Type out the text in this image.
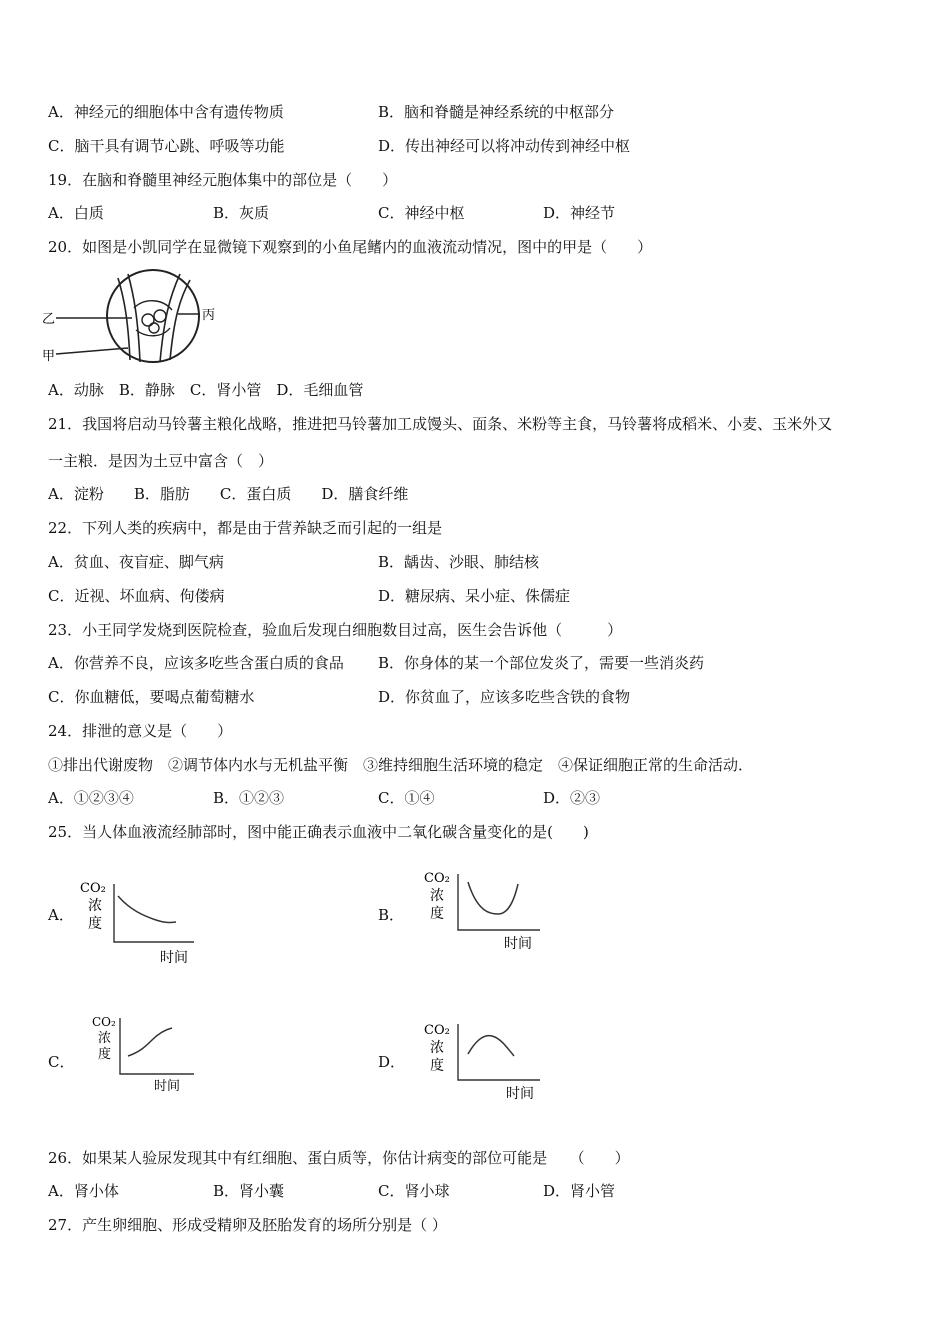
A．神经元的细胞体中含有遗传物质	B．脑和脊髓是神经系统的中枢部分
C．脑干具有调节心跳、呼吸等功能	D．传出神经可以将冲动传到神经中枢
19．在脑和脊髓里神经元胞体集中的部位是（　　）
A．白质	B．灰质	C．神经中枢	D．神经节
20．如图是小凯同学在显微镜下观察到的小鱼尾鳍内的血液流动情况，图中的甲是（　　）
乙
甲
丙
A．动脉　B．静脉　C．肾小管　D．毛细血管
21．我国将启动马铃薯主粮化战略，推进把马铃薯加工成馒头、面条、米粉等主食，马铃薯将成稻米、小麦、玉米外又
一主粮．是因为土豆中富含（　）
A．淀粉　　B．脂肪　　C．蛋白质　　D．膳食纤维
22．下列人类的疾病中，都是由于营养缺乏而引起的一组是
A．贫血、夜盲症、脚气病	B．龋齿、沙眼、肺结核
C．近视、坏血病、佝偻病	D．糖尿病、呆小症、侏儒症
23．小王同学发烧到医院检查，验血后发现白细胞数目过高，医生会告诉他（　　　）
A．你营养不良，应该多吃些含蛋白质的食品 B．你身体的某一个部位发炎了，需要一些消炎药
C．你血糖低，要喝点葡萄糖水	D．你贫血了，应该多吃些含铁的食物
24．排泄的意义是（　　）
①排出代谢废物　②调节体内水与无机盐平衡　③维持细胞生活环境的稳定　④保证细胞正常的生命活动．
A．①②③④	B．①②③	C．①④	D．②③
25．当人体血液流经肺部时，图中能正确表示血液中二氧化碳含量变化的是(　　)
A．
CO₂
浓
度
时间
B．
CO₂
浓
度
时间
C．
CO₂
浓
度
时间
D．
CO₂
浓
度
时间
26．如果某人验尿发现其中有红细胞、蛋白质等，你估计病变的部位可能是　　（　　）
A．肾小体	B．肾小囊	C．肾小球	D．肾小管
27．产生卵细胞、形成受精卵及胚胎发育的场所分别是（ ）
